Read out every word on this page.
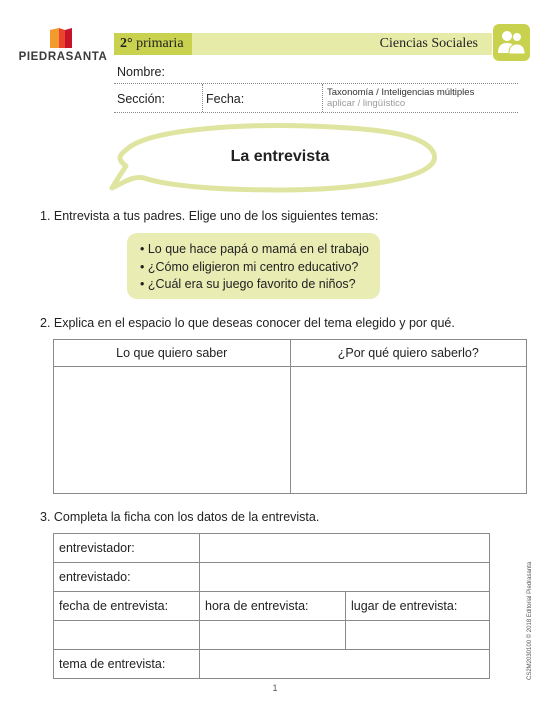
PIEDRASANTA
2° primaria	Ciencias Sociales
Nombre:
Sección:	Fecha:	Taxonomía / Inteligencias múltiples
aplicar / lingüístico
La entrevista
1. Entrevista a tus padres. Elige uno de los siguientes temas:
• Lo que hace papá o mamá en el trabajo
• ¿Cómo eligieron mi centro educativo?
• ¿Cuál era su juego favorito de niños?
2. Explica en el espacio lo que deseas conocer del tema elegido y por qué.
Lo que quiero saber	¿Por qué quiero saberlo?

3. Completa la ficha con los datos de la entrevista.
entrevistador:		
entrevistado:		
fecha de entrevista:	hora de entrevista:	lugar de entrevista:

tema de entrevista:			CS2M2030100 © 2018 Editorial Piedrasanta
1
